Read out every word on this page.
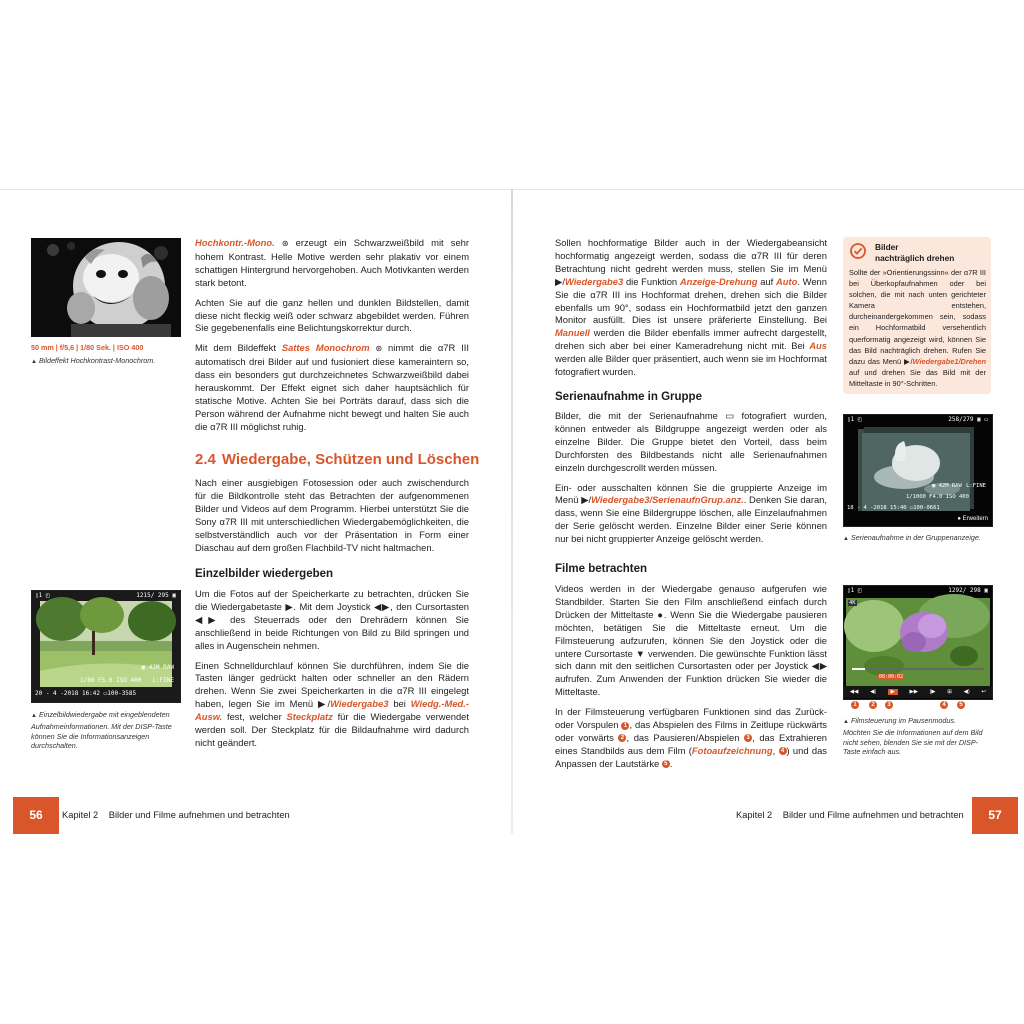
50 mm | f/5,6 | 1/80 Sek. | ISO 400
▲ Bildeffekt Hochkontrast-Monochrom.

Hochkontr.-Mono. ⊛ erzeugt ein Schwarzweißbild mit sehr hohem Kontrast. Helle Motive werden sehr plakativ vor einem schattigen Hintergrund hervorgehoben. Auch Motivkanten werden stark betont.

Achten Sie auf die ganz hellen und dunklen Bildstellen, damit diese nicht fleckig weiß oder schwarz abgebildet werden. Führen Sie gegebenenfalls eine Belichtungskorrektur durch.

Mit dem Bildeffekt Sattes Monochrom ⊛ nimmt die α7R III automatisch drei Bilder auf und fusioniert diese kameraintern so, dass ein besonders gut durchzeichnetes Schwarzweißbild dabei herauskommt. Der Effekt eignet sich daher hauptsächlich für statische Motive. Achten Sie bei Porträts darauf, dass sich die Person während der Aufnahme nicht bewegt und halten Sie auch die α7R III möglichst ruhig.

2.4 Wiedergabe, Schützen und Löschen

Nach einer ausgiebigen Fotosession oder auch zwischendurch für die Bildkontrolle steht das Betrachten der aufgenommenen Bilder und Videos auf dem Programm. Hierbei unterstützt Sie die Sony α7R III mit unterschiedlichen Wiedergabemöglichkeiten, die selbstverständlich auch vor der Präsentation in Form einer Diaschau auf dem großen Flachbild-TV nicht haltmachen.

Einzelbilder wiedergeben

Um die Fotos auf der Speicherkarte zu betrachten, drücken Sie die Wiedergabetaste ▶. Mit dem Joystick ◀▶, den Cursortasten ◀▶ des Steuerrads oder den Drehrädern können Sie anschließend in beide Richtungen von Bild zu Bild springen und alles in Augenschein nehmen.

Einen Schnelldurchlauf können Sie durchführen, indem Sie die Tasten länger gedrückt halten oder schneller an den Rädern drehen. Wenn Sie zwei Speicherkarten in die α7R III eingelegt haben, legen Sie im Menü ▶/Wiedergabe3 bei Wiedg.-Med.-Ausw. fest, welcher Steckplatz für die Wiedergabe verwendet werden soll. Der Steckplatz für die Bildaufnahme wird dadurch nicht geändert.

▯1 ◰	1215/ 295 ▣
▣ 42M RAW
1/80 F5.6 ISO 400 L:FINE
20 - 4 -2018 16:42 ▭100-3585
▲ Einzelbildwiedergabe mit eingeblendeten Aufnahmeinformationen. Mit der DISP-Taste können Sie die Informationsanzeigen durchschalten.
56	Kapitel 2 Bilder und Filme aufnehmen und betrachten

Sollen hochformatige Bilder auch in der Wiedergabeansicht hochformatig angezeigt werden, sodass die α7R III für deren Betrachtung nicht gedreht werden muss, stellen Sie im Menü ▶/Wiedergabe3 die Funktion Anzeige-Drehung auf Auto. Wenn Sie die α7R III ins Hochformat drehen, drehen sich die Bilder ebenfalls um 90°, sodass ein Hochformatbild jetzt den ganzen Monitor ausfüllt. Dies ist unsere präferierte Einstellung. Bei Manuell werden die Bilder ebenfalls immer aufrecht dargestellt, drehen sich aber bei einer Kameradrehung nicht mit. Bei Aus werden alle Bilder quer präsentiert, auch wenn sie im Hochformat fotografiert wurden.

Serienaufnahme in Gruppe

Bilder, die mit der Serienaufnahme ▭ fotografiert wurden, können entweder als Bildgruppe angezeigt werden oder als einzelne Bilder. Die Gruppe bietet den Vorteil, dass beim Durchforsten des Bildbestands nicht alle Serienaufnahmen einzeln durchgescrollt werden müssen.

Ein- oder ausschalten können Sie die gruppierte Anzeige im Menü ▶/Wiedergabe3/SerienaufnGrup.anz.. Denken Sie daran, dass, wenn Sie eine Bildergruppe löschen, alle Einzelaufnahmen der Serie gelöscht werden. Einzelne Bilder einer Serie können nur bei nicht gruppierter Anzeige gelöscht werden.

Filme betrachten

Videos werden in der Wiedergabe genauso aufgerufen wie Standbilder. Starten Sie den Film anschließend einfach durch Drücken der Mitteltaste ●. Wenn Sie die Wiedergabe pausieren möchten, betätigen Sie die Mitteltaste erneut. Um die Filmsteuerung aufzurufen, können Sie den Joystick oder die untere Cursortaste ▼ verwenden. Die gewünschte Funktion lässt sich dann mit den seitlichen Cursortasten oder per Joystick ◀▶ aufrufen. Zum Anwenden der Funktion drücken Sie wieder die Mitteltaste.

In der Filmsteuerung verfügbaren Funktionen sind das Zurück- oder Vorspulen 1 , das Abspielen des Films in Zeitlupe rückwärts oder vorwärts 2 , das Pausieren/Abspielen 3 , das Extrahieren eines Standbilds aus dem Film (Fotoaufzeichnung, 4 ) und das Anpassen der Lautstärke 5 .

Bilder
nachträglich drehen
Sollte der »Orientierungssinn« der α7R III bei Überkopfaufnahmen oder bei solchen, die mit nach unten gerichteter Kamera entstehen, durcheinandergekommen sein, sodass ein Hochformatbild versehentlich querformatig angezeigt wird, können Sie das Bild nachträglich drehen. Rufen Sie dazu das Menü ▶/Wiedergabe1/Drehen auf und drehen Sie das Bild mit der Mitteltaste in 90°-Schritten.
▯1 ◰	258/279 ▣ ▭
▣ 42M RAW L:FINE
1/1000 F4.0 ISO 400
18 - 4 -2018 15:40 ▭100-0661
● Erweitern
▲ Serienaufnahme in der Gruppenanzeige.
▯1 ◰	1292/ 298 ▣
4K
00:00:02
◀◀ ◀|	▶	▶▶ |▶ ⊞ ◀) ↩
1	2	3	4	5
▲ Filmsteuerung im Pausenmodus. Möchten Sie die Informationen auf dem Bild nicht sehen, blenden Sie sie mit der DISP-Taste einfach aus.
Kapitel 2 Bilder und Filme aufnehmen und betrachten	57
